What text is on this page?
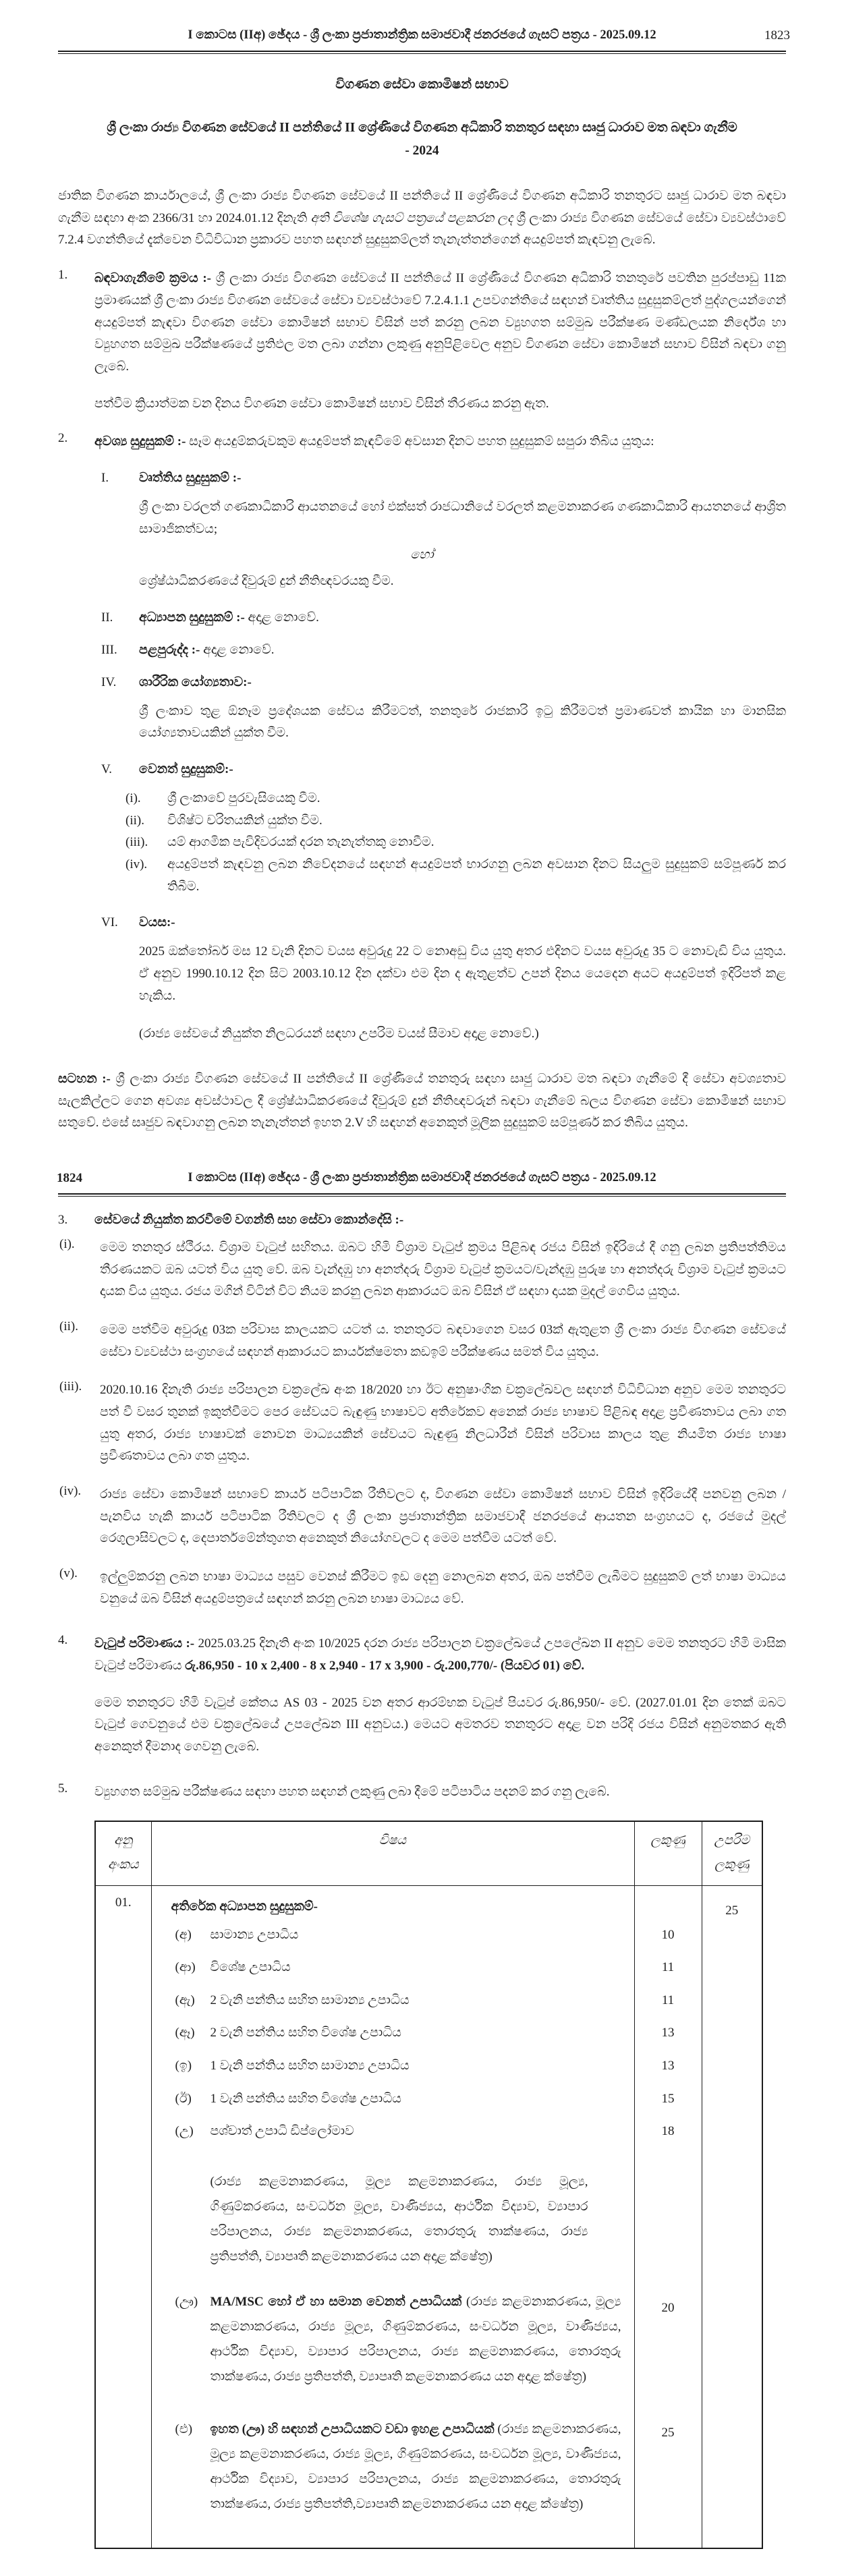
I කොටස (IIඅ) ඡේදය - ශ්‍රී ලංකා ප්‍රජාතාන්ත්‍රික සමාජවාදී ජනරජයේ ගැසට් පත්‍රය - 2025.09.12	1823
විගණන සේවා කොමිෂන් සභාව
ශ්‍රී ලංකා රාජ්‍ය විගණන සේවයේ II පන්තියේ II ශ්‍රේණියේ විගණන අධිකාරි තනතුර සඳහා සෘජු ධාරාව මත බඳවා ගැනීම
- 2024

ජාතික විගණන කාර්යාලයේ, ශ්‍රී ලංකා රාජ්‍ය විගණන සේවයේ II පන්තියේ II ශ්‍රේණියේ විගණන අධිකාරි තනතුරට සෘජු ධාරාව මත බඳවා ගැනීම සඳහා අංක 2366/31 හා 2024.01.12 දිනැති අති විශේෂ ගැසට් පත්‍රයේ පළකරන ලද ශ්‍රී ලංකා රාජ්‍ය විගණන සේවයේ සේවා ව්‍යවස්ථාවේ 7.2.4 වගන්තියේ දැක්වෙන විධිවිධාන ප්‍රකාරව පහත සඳහන් සුදුසුකම්ලත් තැනැත්තන්ගෙන් අයදුම්පත් කැඳවනු ලැබේ.

1.	බඳවාගැනීමේ ක්‍රමය :- ශ්‍රී ලංකා රාජ්‍ය විගණන සේවයේ II පන්තියේ II ශ්‍රේණියේ විගණන අධිකාරි තනතුරේ පවතින පුරප්පාඩු 11ක ප්‍රමාණයක් ශ්‍රී ලංකා රාජ්‍ය විගණන සේවයේ සේවා ව්‍යවස්ථාවේ 7.2.4.1.1 උපවගන්තියේ සඳහන් වෘත්තිය සුදුසුකම්ලත් පුද්ගලයන්ගෙන් අයදුම්පත් කැඳවා විගණන සේවා කොමිෂන් සභාව විසින් පත් කරනු ලබන ව්‍යුහගත සම්මුඛ පරීක්ෂණ මණ්ඩලයක නිර්දේශ හා ව්‍යුහගත සම්මුඛ පරීක්ෂණයේ ප්‍රතිඵල මත ලබා ගන්නා ලකුණු අනුපිළිවෙල අනුව විගණන සේවා කොමිෂන් සභාව විසින් බඳවා ගනු ලැබේ.

පත්වීම ක්‍රියාත්මක වන දිනය විගණන සේවා කොමිෂන් සභාව විසින් තීරණය කරනු ඇත.

2.	අවශ්‍ය සුදුසුකම් :- සෑම අයදුම්කරුවකුම අයදුම්පත් කැඳවීමේ අවසාන දිනට පහත සුදුසුකම් සපුරා තිබිය යුතුය:
I.	වෘත්තිය සුදුසුකම් :-

ශ්‍රී ලංකා වරලත් ගණකාධිකාරි ආයතනයේ හෝ එක්සත් රාජධානියේ වරලත් කළමනාකරණ ගණකාධිකාරි ආයතනයේ ආශ්‍රිත සාමාජිකත්වය;

හෝ

ශ්‍රේෂ්ඨාධිකරණයේ දිවුරුම් දුන් නීතිඥවරයකු වීම.

II.	අධ්‍යාපන සුදුසුකම් :- අදාළ නොවේ.
III.	පළපුරුද්ද :- අදාළ නොවේ.
IV.	ශාරීරික යෝග්‍යතාව:-

ශ්‍රී ලංකාව තුළ ඕනෑම ප්‍රදේශයක සේවය කිරීමටත්, තනතුරේ රාජකාරි ඉටු කිරීමටත් ප්‍රමාණවත් කායික හා මානසික යෝග්‍යතාවයකින් යුක්ත වීම.

V.	වෙනත් සුදුසුකම්:-
(i).	ශ්‍රී ලංකාවේ පුරවැසියෙකු වීම.
(ii).	විශිෂ්ට චරිතයකින් යුක්ත වීම.
(iii).	යම් ආගමික පැවිදිවරයක් දරන තැනැත්තකු නොවීම.
(iv).	අයදුම්පත් කැඳවනු ලබන නිවේදනයේ සඳහන් අයදුම්පත් භාරගනු ලබන අවසාන දිනට සියලුම සුදුසුකම් සම්පූර්ණ කර තිබීම.
VI.	වයස:-

2025 ඔක්තෝබර් මස 12 වැනි දිනට වයස අවුරුදු 22 ට නොඅඩු විය යුතු අතර එදිනට වයස අවුරුදු 35 ට නොවැඩි විය යුතුය. ඒ අනුව 1990.10.12 දින සිට 2003.10.12 දින දක්වා එම දින ද ඇතුළත්ව උපන් දිනය යෙදෙන අයට අයදුම්පත් ඉදිරිපත් කළ හැකිය.

(රාජ්‍ය සේවයේ නියුක්ත නිලධරයන් සඳහා උපරිම වයස් සීමාව අදාළ නොවේ.)

සටහන :- ශ්‍රී ලංකා රාජ්‍ය විගණන සේවයේ II පන්තියේ II ශ්‍රේණියේ තනතුරු සඳහා සෘජු ධාරාව මත බඳවා ගැනීමේ දී සේවා අවශ්‍යතාව සැලකිල්ලට ගෙන අවශ්‍ය අවස්ථාවල දී ශ්‍රේෂ්ඨාධිකරණයේ දිවුරුම් දුන් නීතිඥවරුන් බඳවා ගැනීමේ බලය විගණන සේවා කොමිෂන් සභාව සතුවේ. එසේ සෘජුව බඳවාගනු ලබන තැනැත්තන් ඉහත 2.V හි සඳහන් අනෙකුත් මූලික සුදුසුකම් සම්පූර්ණ කර තිබිය යුතුය.

I කොටස (IIඅ) ඡේදය - ශ්‍රී ලංකා ප්‍රජාතාන්ත්‍රික සමාජවාදී ජනරජයේ ගැසට් පත්‍රය - 2025.09.12
1824
3.	සේවයේ නියුක්ත කරවීමේ වගන්ති සහ සේවා කොන්දේසි :-
(i).	මෙම තනතුර ස්ථීරය. විශ්‍රාම වැටුප් සහිතය. ඔබට හිමි විශ්‍රාම වැටුප් ක්‍රමය පිළිබඳ රජය විසින් ඉදිරියේ දී ගනු ලබන ප්‍රතිපත්තිමය තීරණයකට ඔබ යටත් විය යුතු වේ. ඔබ වැන්දඹු හා අනත්දරු විශ්‍රාම වැටුප් ක්‍රමයට/වැන්දඹු පුරුෂ හා අනත්දරු විශ්‍රාම වැටුප් ක්‍රමයට දායක විය යුතුය. රජය මගින් විටින් විට නියම කරනු ලබන ආකාරයට ඔබ විසින් ඒ සඳහා දායක මුදල් ගෙවිය යුතුය.
(ii).	මෙම පත්වීම අවුරුදු 03ක පරිවාස කාලයකට යටත් ය. තනතුරට බඳවාගෙන වසර 03ක් ඇතුළත ශ්‍රී ලංකා රාජ්‍ය විගණන සේවයේ සේවා ව්‍යවස්ථා සංග්‍රහයේ සඳහන් ආකාරයට කාර්යක්ෂමතා කඩඉම් පරීක්ෂණය සමත් විය යුතුය.
(iii).	2020.10.16 දිනැති රාජ්‍ය පරිපාලන චක්‍රලේඛ අංක 18/2020 හා ඊට අනුෂාංගික චක්‍රලේඛවල සඳහන් විධිවිධාන අනුව මෙම තනතුරට පත් වී වසර තුනක් ඉකුත්වීමට පෙර සේවයට බැඳුණු භාෂාවට අතිරේකව අනෙක් රාජ්‍ය භාෂාව පිළිබඳ අදාළ ප්‍රවීණතාවය ලබා ගත යුතු අතර, රාජ්‍ය භාෂාවක් නොවන මාධ්‍යයකින් සේවයට බැඳුණු නිලධාරීන් විසින් පරිවාස කාලය තුළ නියමිත රාජ්‍ය භාෂා ප්‍රවීණතාවය ලබා ගත යුතුය.
(iv).	රාජ්‍ය සේවා කොමිෂන් සභාවේ කාර්ය පටිපාටික රීතිවලට ද, විගණන සේවා කොමිෂන් සභාව විසින් ඉදිරියේදී පනවනු ලබන / පැනවිය හැකි කාර්ය පටිපාටික රීතිවලට ද ශ්‍රී ලංකා ප්‍රජාතාන්ත්‍රික සමාජවාදී ජනරජයේ ආයතන සංග්‍රහයට ද, රජයේ මුදල් රෙගුලාසිවලට ද, දෙපාර්තමේන්තුගත අනෙකුත් නියෝගවලට ද මෙම පත්වීම යටත් වේ.
(v).	ඉල්ලුම්කරනු ලබන භාෂා මාධ්‍යය පසුව වෙනස් කිරීමට ඉඩ දෙනු නොලබන අතර, ඔබ පත්වීම ලැබීමට සුදුසුකම් ලත් භාෂා මාධ්‍යය වනුයේ ඔබ විසින් අයදුම්පත්‍රයේ සඳහන් කරනු ලබන භාෂා මාධ්‍යය වේ.
4.	වැටුප් පරිමාණය :- 2025.03.25 දිනැති අංක 10/2025 දරන රාජ්‍ය පරිපාලන චක්‍රලේඛයේ උපලේඛන II අනුව මෙම තනතුරට හිමි මාසික වැටුප් පරිමාණය රු.86,950 - 10 x 2,400 - 8 x 2,940 - 17 x 3,900 - රු.200,770/- (පියවර 01) වේ.

මෙම තනතුරට හිමි වැටුප් කේතය AS 03 - 2025 වන අතර ආරම්භක වැටුප් පියවර රු.86,950/- වේ. (2027.01.01 දින තෙක් ඔබට වැටුප් ගෙවනුයේ එම චක්‍රලේඛයේ උපලේඛන III අනුවය.) මෙයට අමතරව තනතුරට අදාළ වන පරිදි රජය විසින් අනුමතකර ඇති අනෙකුත් දීමනාද ගෙවනු ලැබේ.

5.	ව්‍යුහගත සම්මුඛ පරීක්ෂණය සඳහා පහත සඳහන් ලකුණු ලබා දීමේ පටිපාටිය පදනම් කර ගනු ලැබේ.
අනු
අංකය
	විෂය	ලකුණු	උපරිම
ලකුණු

01.	අතිරේක අධ්‍යාපන සුදුසුකම්-		25

	(අ) සාමාන්‍ය උපාධිය	10	

	(ආ) විශේෂ උපාධිය	11	

	(ඇ) 2 වැනි පන්තිය සහිත සාමාන්‍ය උපාධිය	11	

	(ඈ) 2 වැනි පන්තිය සහිත විශේෂ උපාධිය	13	

	(ඉ) 1 වැනි පන්තිය සහිත සාමාන්‍ය උපාධිය	13	

	(ඊ) 1 වැනි පන්තිය සහිත විශේෂ උපාධිය	15	

	(උ) පශ්චාත් උපාධි ඩිප්ලෝමාව	18	

	(රාජ්‍ය කළමනාකරණය, මූල්‍ය කළමනාකරණය, රාජ්‍ය මූල්‍ය, ගිණුම්කරණය, සංවර්ධන මූල්‍ය, වාණිජ්‍යය, ආර්ථික විද්‍යාව, ව්‍යාපාර පරිපාලනය, රාජ්‍ය කළමනාකරණය, තොරතුරු තාක්ෂණය, රාජ්‍ය ප්‍රතිපත්ති, ව්‍යාපෘති කළමනාකරණය යන අදාළ ක්ෂේත්‍ර)		

	(ඌ) MA/MSC හෝ ඒ හා සමාන වෙනත් උපාධියක් (රාජ්‍ය කළමනාකරණය, මූල්‍ය කළමනාකරණය, රාජ්‍ය මූල්‍ය, ගිණුම්කරණය, සංවර්ධන මූල්‍ය, වාණිජ්‍යය, ආර්ථික විද්‍යාව, ව්‍යාපාර පරිපාලනය, රාජ්‍ය කළමනාකරණය, තොරතුරු තාක්ෂණය, රාජ්‍ය ප්‍රතිපත්ති, ව්‍යාපෘති කළමනාකරණය යන අදාළ ක්ෂේත්‍ර)	20	

	(එ) ඉහත (ඌ) හි සඳහන් උපාධියකට වඩා ඉහළ උපාධියක් (රාජ්‍ය කළමනාකරණය, මූල්‍ය කළමනාකරණය, රාජ්‍ය මූල්‍ය, ගිණුම්කරණය, සංවර්ධන මූල්‍ය, වාණිජ්‍යය, ආර්ථික විද්‍යාව, ව්‍යාපාර පරිපාලනය, රාජ්‍ය කළමනාකරණය, තොරතුරු තාක්ෂණය, රාජ්‍ය ප්‍රතිපත්ති,ව්‍යාපෘති කළමනාකරණය යන අදාළ ක්ෂේත්‍ර)	25	
